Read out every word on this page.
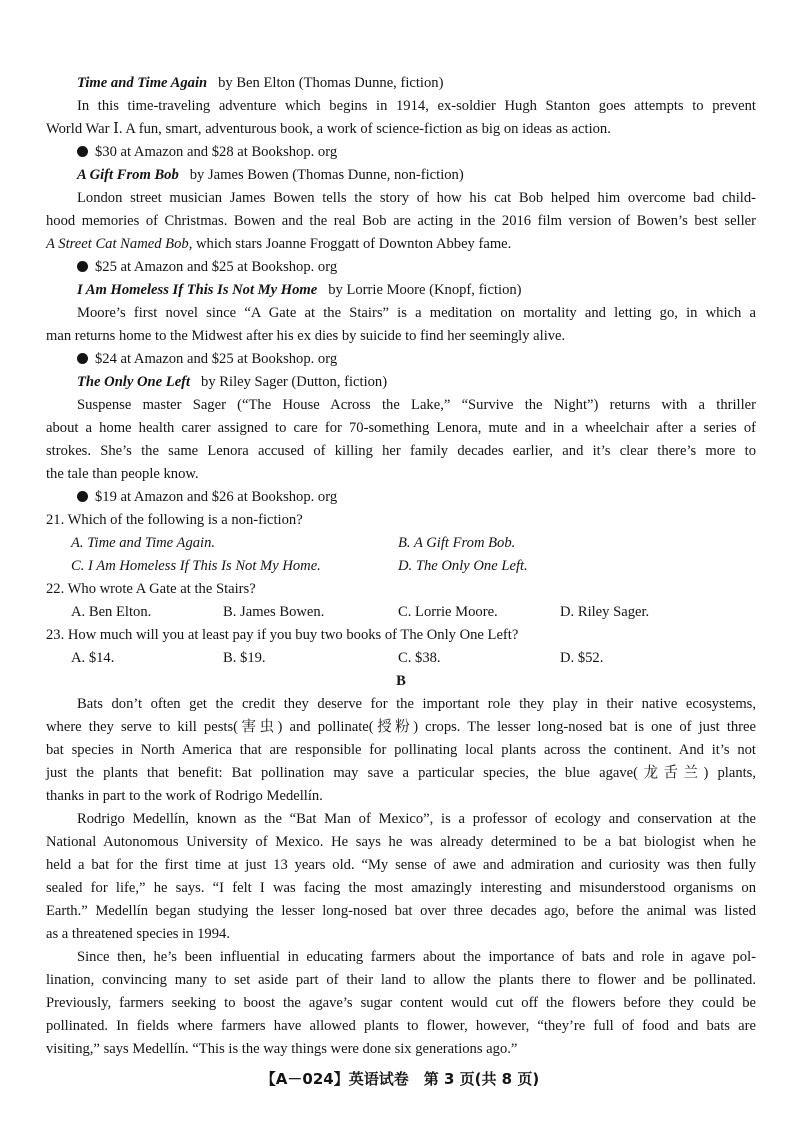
Time and Time Again by Ben Elton (Thomas Dunne, fiction)
In this time-traveling adventure which begins in 1914, ex-soldier Hugh Stanton goes attempts to prevent
World War Ⅰ. A fun, smart, adventurous book, a work of science-fiction as big on ideas as action.
$30 at Amazon and $28 at Bookshop. org
A Gift From Bob by James Bowen (Thomas Dunne, non-fiction)
London street musician James Bowen tells the story of how his cat Bob helped him overcome bad child-
hood memories of Christmas. Bowen and the real Bob are acting in the 2016 film version of Bowen’s best seller
A Street Cat Named Bob, which stars Joanne Froggatt of Downton Abbey fame.
$25 at Amazon and $25 at Bookshop. org
I Am Homeless If This Is Not My Home by Lorrie Moore (Knopf, fiction)
Moore’s first novel since “A Gate at the Stairs” is a meditation on mortality and letting go, in which a
man returns home to the Midwest after his ex dies by suicide to find her seemingly alive.
$24 at Amazon and $25 at Bookshop. org
The Only One Left by Riley Sager (Dutton, fiction)
Suspense master Sager (“The House Across the Lake,” “Survive the Night”) returns with a thriller
about a home health carer assigned to care for 70-something Lenora, mute and in a wheelchair after a series of
strokes. She’s the same Lenora accused of killing her family decades earlier, and it’s clear there’s more to
the tale than people know.
$19 at Amazon and $26 at Bookshop. org
21. Which of the following is a non-fiction?
A. Time and Time Again.	B. A Gift From Bob.
C. I Am Homeless If This Is Not My Home.	D. The Only One Left.
22. Who wrote A Gate at the Stairs?
A. Ben Elton.	B. James Bowen.	C. Lorrie Moore.	D. Riley Sager.
23. How much will you at least pay if you buy two books of The Only One Left?
A. $14.	B. $19.	C. $38.	D. $52.
B
Bats don’t often get the credit they deserve for the important role they play in their native ecosystems,
where they serve to kill pests(害虫) and pollinate(授粉) crops. The lesser long-nosed bat is one of just three
bat species in North America that are responsible for pollinating local plants across the continent. And it’s not
just the plants that benefit: Bat pollination may save a particular species, the blue agave(龙舌兰) plants,
thanks in part to the work of Rodrigo Medellín.
Rodrigo Medellín, known as the “Bat Man of Mexico”, is a professor of ecology and conservation at the
National Autonomous University of Mexico. He says he was already determined to be a bat biologist when he
held a bat for the first time at just 13 years old. “My sense of awe and admiration and curiosity was then fully
sealed for life,” he says. “I felt I was facing the most amazingly interesting and misunderstood organisms on
Earth.” Medellín began studying the lesser long-nosed bat over three decades ago, before the animal was listed
as a threatened species in 1994.
Since then, he’s been influential in educating farmers about the importance of bats and role in agave pol-
lination, convincing many to set aside part of their land to allow the plants there to flower and be pollinated.
Previously, farmers seeking to boost the agave’s sugar content would cut off the flowers before they could be
pollinated. In fields where farmers have allowed plants to flower, however, “they’re full of food and bats are
visiting,” says Medellín. “This is the way things were done six generations ago.”
【A－024】英语试卷　第 3 页(共 8 页)
